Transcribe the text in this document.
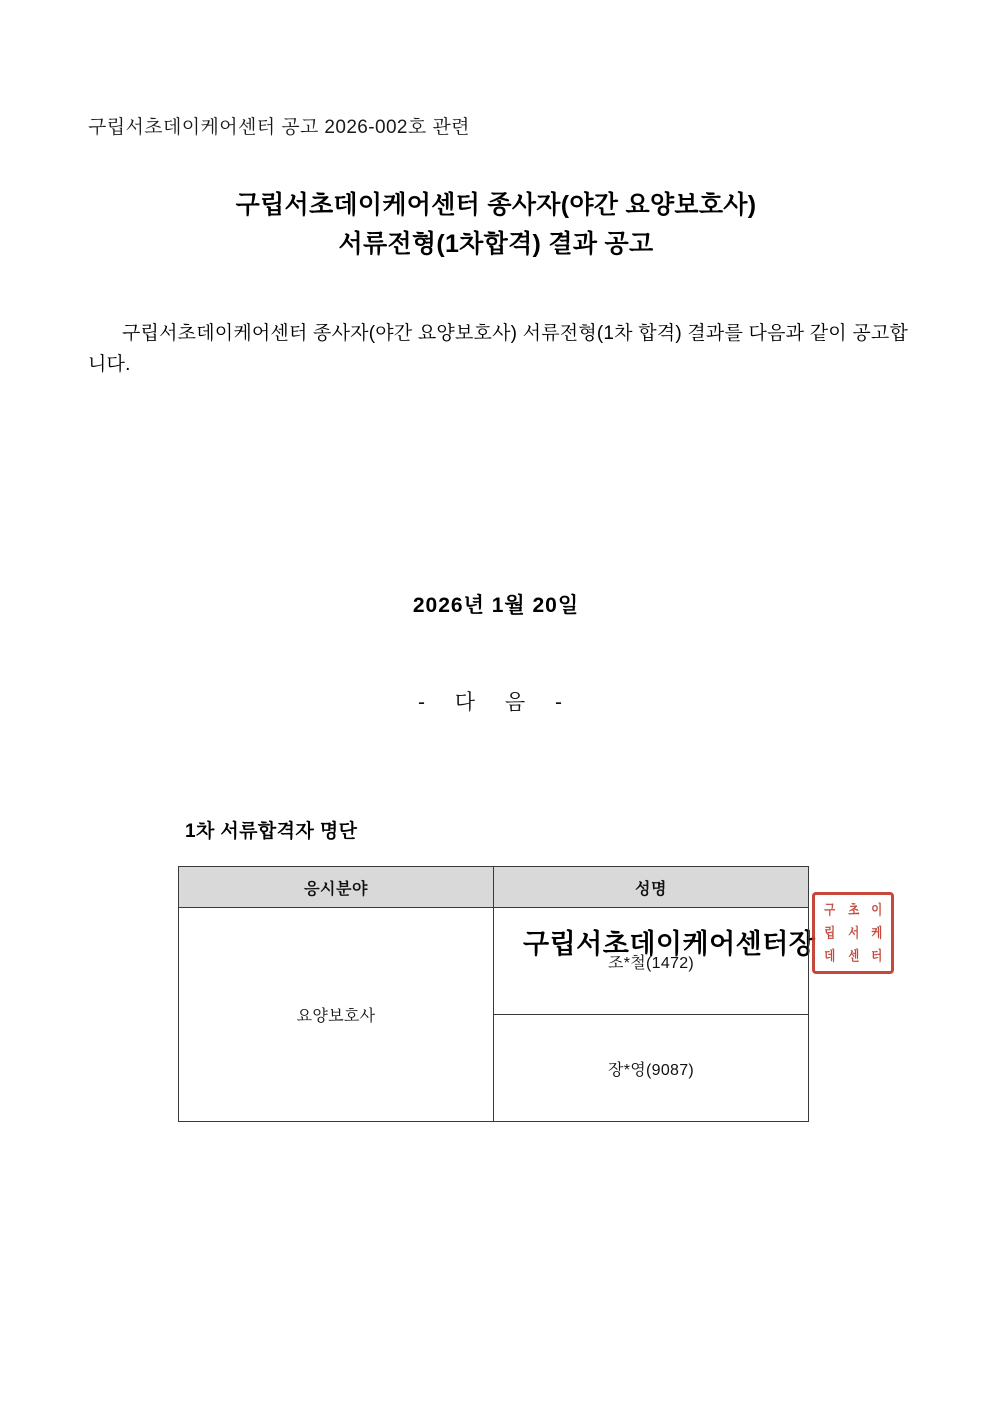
구립서초데이케어센터 공고 2026-002호 관련
구립서초데이케어센터 종사자(야간 요양보호사)
서류전형(1차합격) 결과 공고
구립서초데이케어센터 종사자(야간 요양보호사) 서류전형(1차 합격) 결과를 다음과 같이 공고합니다.
구립서초데이케어센터장
구 초 이
립 서 케
데 센 터
2026년 1월 20일
- 다 음 -
1차 서류합격자 명단
응시분야	성명
요양보호사	조*철(1472)
	장*영(9087)
